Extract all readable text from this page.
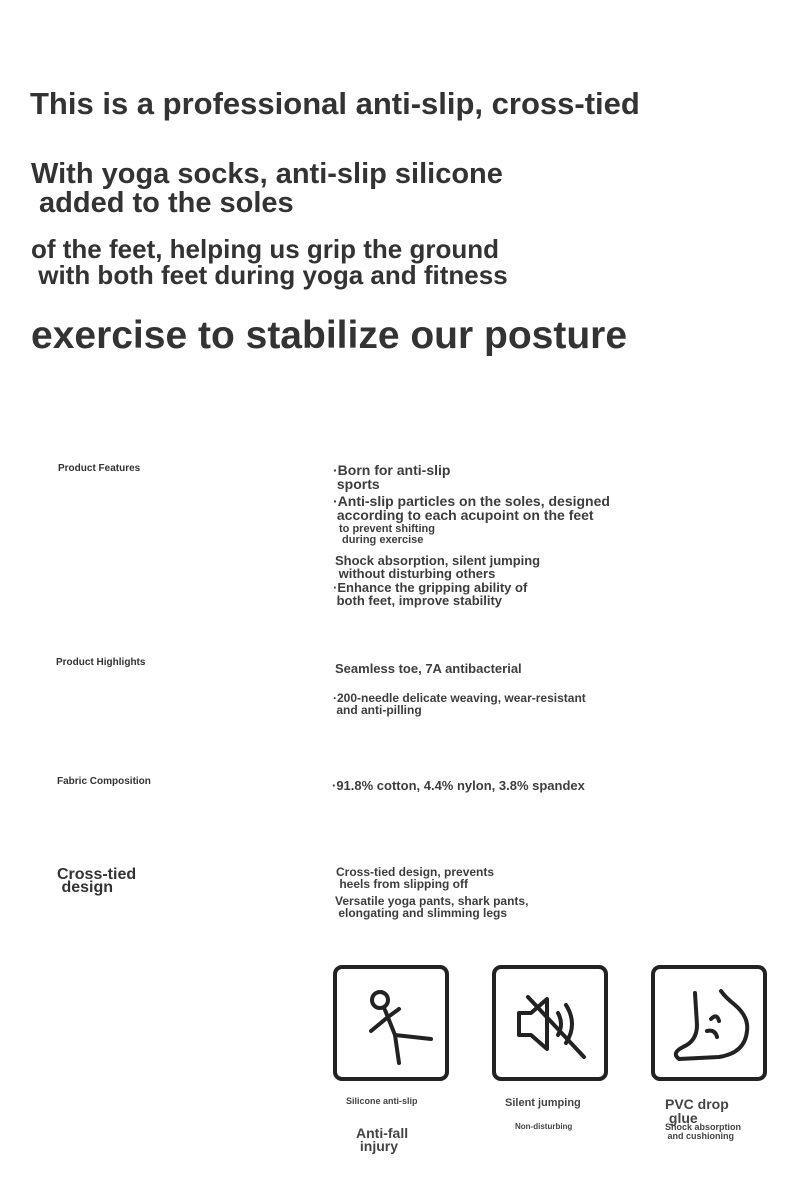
This is a professional anti-slip, cross-tied
With yoga socks, anti-slip silicone
added to the soles
of the feet, helping us grip the ground
with both feet during yoga and fitness
exercise to stabilize our posture
Product Features	·Born for anti-slip
sports
·Anti-slip particles on the soles, designed
according to each acupoint on the feet
to prevent shifting
during exercise
Shock absorption, silent jumping
without disturbing others
·Enhance the gripping ability of
both feet, improve stability
Product Highlights	Seamless toe, 7A antibacterial
·200-needle delicate weaving, wear-resistant
and anti-pilling
Fabric Composition	·91.8% cotton, 4.4% nylon, 3.8% spandex
Cross-tied
design
Cross-tied design, prevents
heels from slipping off
Versatile yoga pants, shark pants,
elongating and slimming legs
Silicone anti-slip
Anti-fall
injury
Silent jumping
Non-disturbing
PVC drop
glue
Shock absorption
and cushioning
